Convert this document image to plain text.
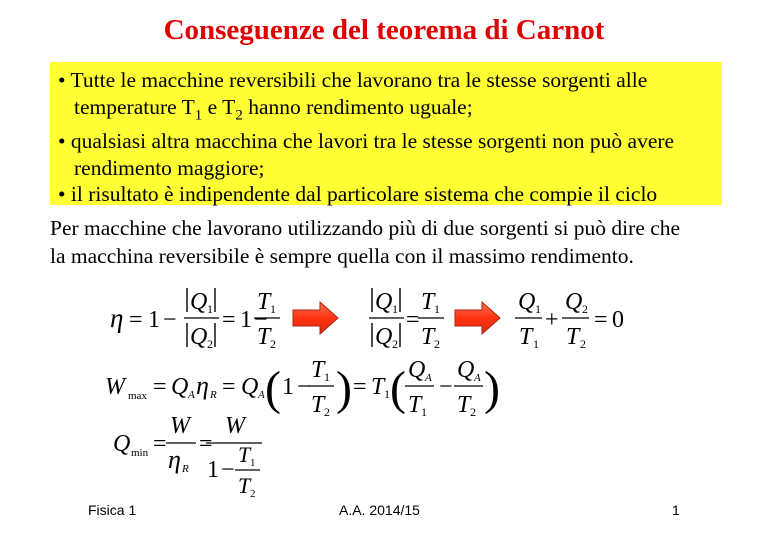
Conseguenze del teorema di Carnot
• Tutte le macchine reversibili che lavorano tra le stesse sorgenti alle
temperature $T_1$ e $T_2$ hanno rendimento uguale;
• qualsiasi altra macchina che lavori tra le stesse sorgenti non può avere
rendimento maggiore;
• il risultato è indipendente dal particolare sistema che compie il ciclo
Per macchine che lavorano utilizzando più di due sorgenti si può dire che
la macchina reversibile è sempre quella con il massimo rendimento.
η = 1 −
Q 1
Q 2
= 1 −
T 1
T 2
Q 1
Q 2
=
T 1
T 2
Q 1
T 1
+
Q 2
T 2
= 0
W max = Q A η R = Q A ( 1 −
T 1
T 2 ) = T 1 ( Q A
T 1
−
Q A
T 2 )
Q min =
W
η R
=
W
1 −
T 1
T 2
Fisica 1	A.A. 2014/15	1
